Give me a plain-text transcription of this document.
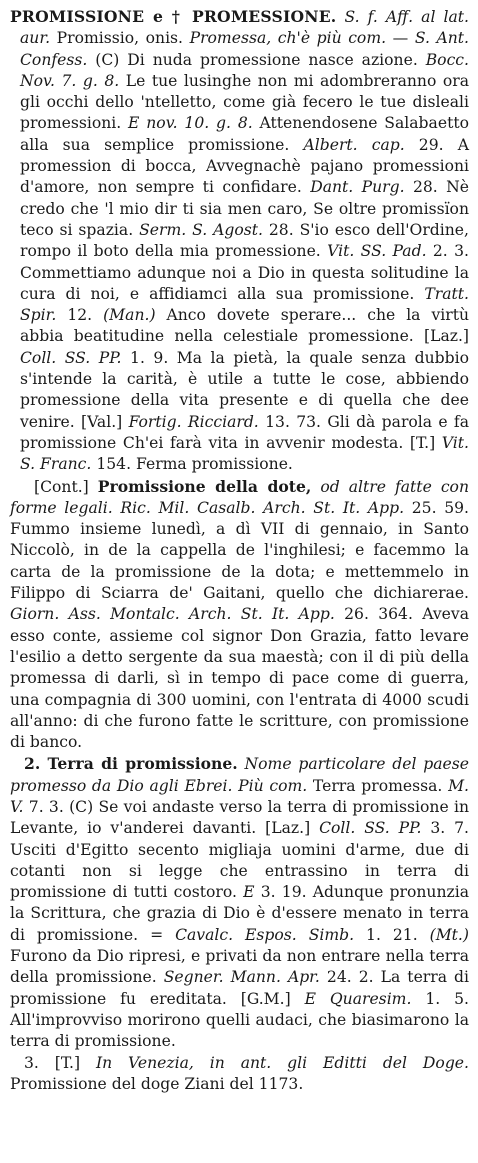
PROMISSIONE e † PROMESSIONE. S. f. Aff. al lat. aur. Promissio, onis. Promessa, ch'è più com. — S. Ant. Confess. (C) Di nuda promessione nasce azione. Bocc. Nov. 7. g. 8. Le tue lusinghe non mi adombreranno ora gli occhi dello 'ntelletto, come già fecero le tue disleali promessioni. E nov. 10. g. 8. Attenendosene Salabaetto alla sua semplice promissione. Albert. cap. 29. A promession di bocca, Avvegnachè pajano promessioni d'amore, non sempre ti confidare. Dant. Purg. 28. Nè credo che 'l mio dir ti sia men caro, Se oltre promissïon teco si spazia. Serm. S. Agost. 28. S'io esco dell'Ordine, rompo il boto della mia promessione. Vit. SS. Pad. 2. 3. Commettiamo adunque noi a Dio in questa solitudine la cura di noi, e affidiamci alla sua promissione. Tratt. Spir. 12. (Man.) Anco dovete sperare... che la virtù abbia beatitudine nella celestiale promessione. [Laz.] Coll. SS. PP. 1. 9. Ma la pietà, la quale senza dubbio s'intende la carità, è utile a tutte le cose, abbiendo promessione della vita presente e di quella che dee venire. [Val.] Fortig. Ricciard. 13. 73. Gli dà parola e fa promissione Ch'ei farà vita in avvenir modesta. [T.] Vit. S. Franc. 154. Ferma promissione.

[Cont.] Promissione della dote, od altre fatte con forme legali. Ric. Mil. Casalb. Arch. St. It. App. 25. 59. Fummo insieme lunedì, a dì VII di gennaio, in Santo Niccolò, in de la cappella de l'inghilesi; e facemmo la carta de la promissione de la dota; e mettemmelo in Filippo di Sciarra de' Gaitani, quello che dichiarerae. Giorn. Ass. Montalc. Arch. St. It. App. 26. 364. Aveva esso conte, assieme col signor Don Grazia, fatto levare l'esilio a detto sergente da sua maestà; con il di più della promessa di darli, sì in tempo di pace come di guerra, una compagnia di 300 uomini, con l'entrata di 4000 scudi all'anno: di che furono fatte le scritture, con promissione di banco.

2. Terra di promissione. Nome particolare del paese promesso da Dio agli Ebrei. Più com. Terra promessa. M. V. 7. 3. (C) Se voi andaste verso la terra di promissione in Levante, io v'anderei davanti. [Laz.] Coll. SS. PP. 3. 7. Usciti d'Egitto secento migliaja uomini d'arme, due di cotanti non si legge che entrassino in terra di promissione di tutti costoro. E 3. 19. Adunque pronunzia la Scrittura, che grazia di Dio è d'essere menato in terra di promissione. = Cavalc. Espos. Simb. 1. 21. (Mt.) Furono da Dio ripresi, e privati da non entrare nella terra della promissione. Segner. Mann. Apr. 24. 2. La terra di promissione fu ereditata. [G.M.] E Quaresim. 1. 5. All'improvviso morirono quelli audaci, che biasimarono la terra di promissione.

3. [T.] In Venezia, in ant. gli Editti del Doge. Promissione del doge Ziani del 1173.
